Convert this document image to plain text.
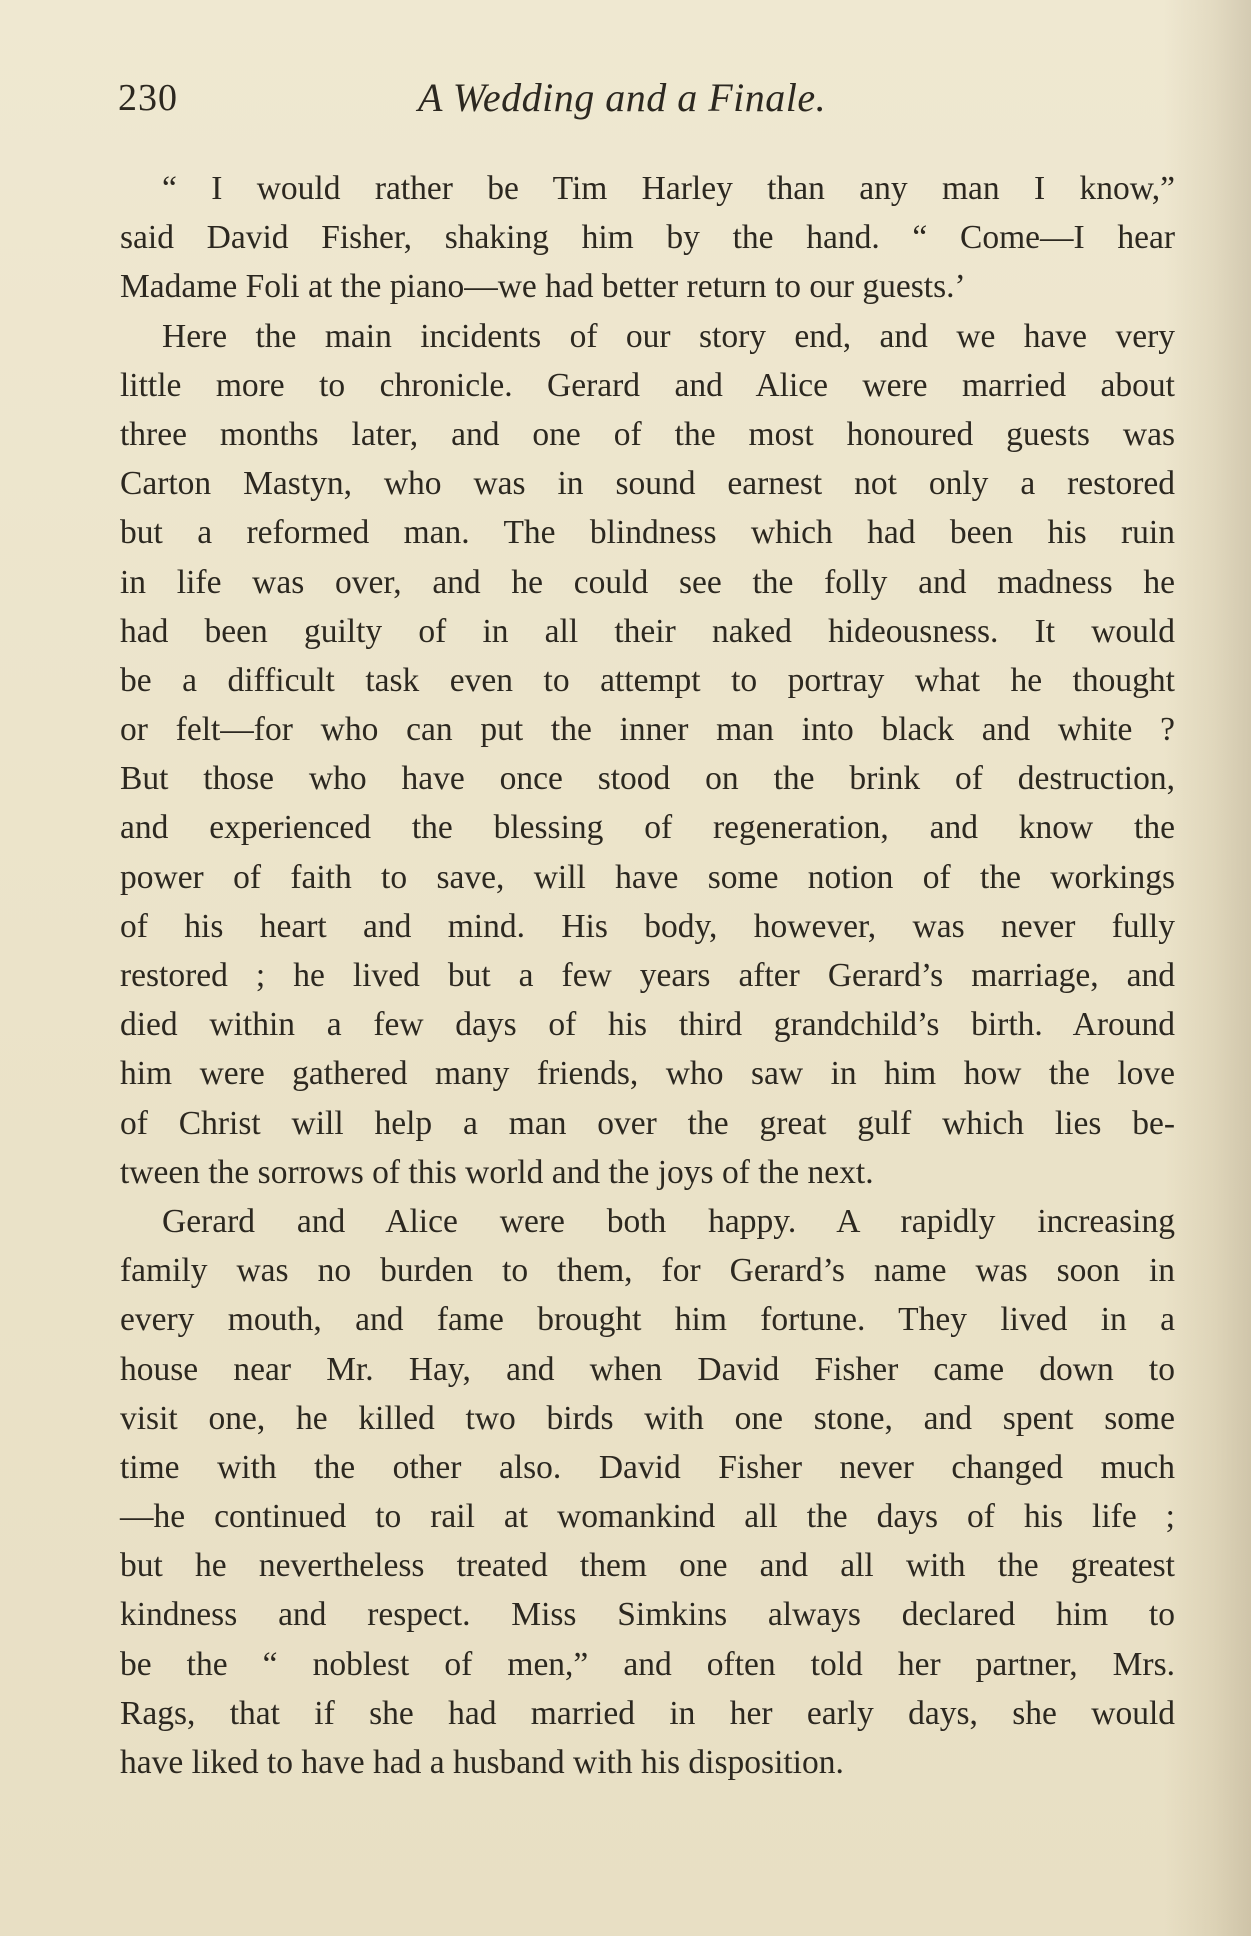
230	A Wedding and a Finale.
“ I would rather be Tim Harley than any man I know,”
said David Fisher, shaking him by the hand. “ Come—I hear
Madame Foli at the piano—we had better return to our guests.’
Here the main incidents of our story end, and we have very
little more to chronicle. Gerard and Alice were married about
three months later, and one of the most honoured guests was
Carton Mastyn, who was in sound earnest not only a restored
but a reformed man. The blindness which had been his ruin
in life was over, and he could see the folly and madness he
had been guilty of in all their naked hideousness. It would
be a difficult task even to attempt to portray what he thought
or felt—for who can put the inner man into black and white ?
But those who have once stood on the brink of destruction,
and experienced the blessing of regeneration, and know the
power of faith to save, will have some notion of the workings
of his heart and mind. His body, however, was never fully
restored ; he lived but a few years after Gerard’s marriage, and
died within a few days of his third grandchild’s birth. Around
him were gathered many friends, who saw in him how the love
of Christ will help a man over the great gulf which lies be-
tween the sorrows of this world and the joys of the next.
Gerard and Alice were both happy. A rapidly increasing
family was no burden to them, for Gerard’s name was soon in
every mouth, and fame brought him fortune. They lived in a
house near Mr. Hay, and when David Fisher came down to
visit one, he killed two birds with one stone, and spent some
time with the other also. David Fisher never changed much
—he continued to rail at womankind all the days of his life ;
but he nevertheless treated them one and all with the greatest
kindness and respect. Miss Simkins always declared him to
be the “ noblest of men,” and often told her partner, Mrs.
Rags, that if she had married in her early days, she would
have liked to have had a husband with his disposition.
